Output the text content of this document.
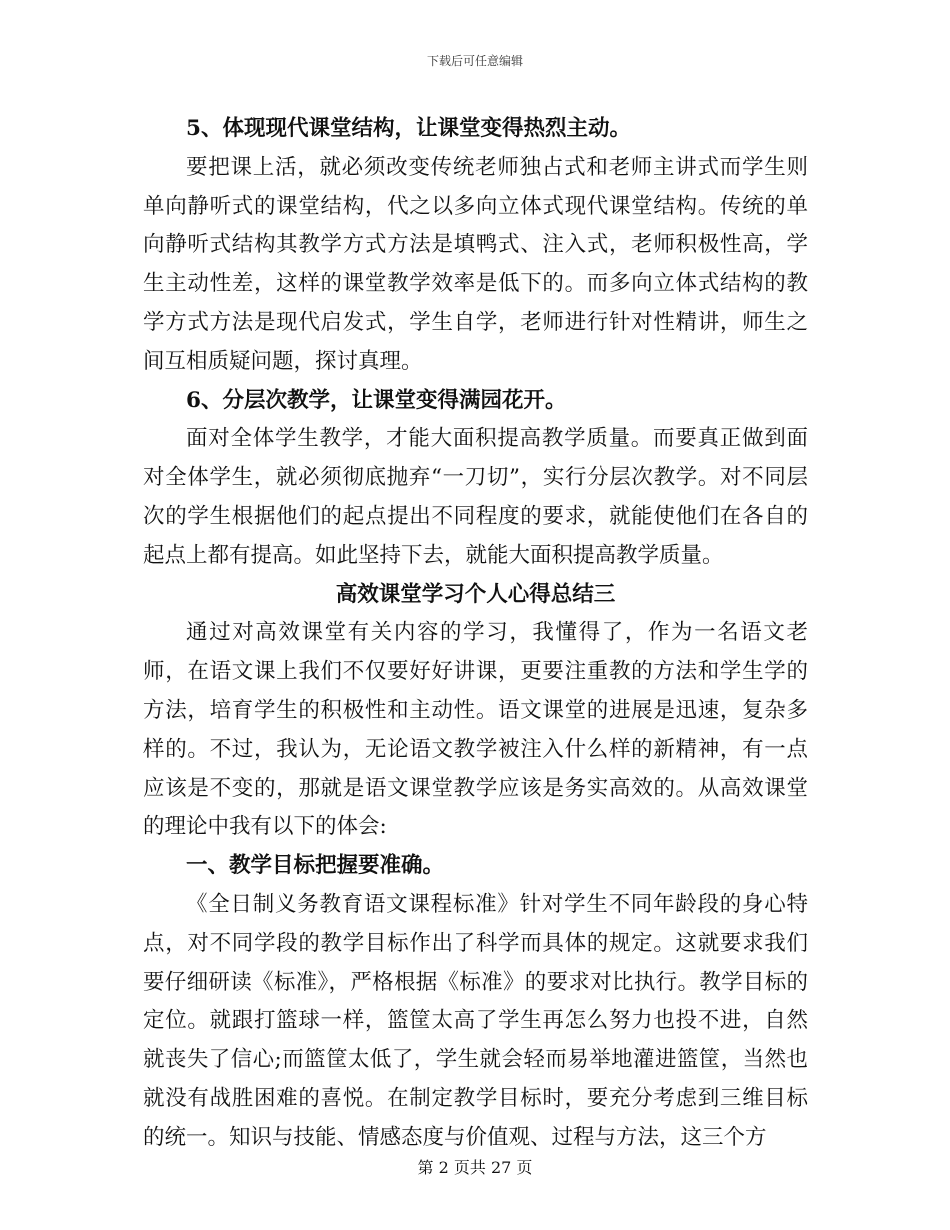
下载后可任意编辑

5、体现现代课堂结构，让课堂变得热烈主动。

要把课上活，就必须改变传统老师独占式和老师主讲式而学生则单向静听式的课堂结构，代之以多向立体式现代课堂结构。传统的单向静听式结构其教学方式方法是填鸭式、注入式，老师积极性高，学生主动性差，这样的课堂教学效率是低下的。而多向立体式结构的教学方式方法是现代启发式，学生自学，老师进行针对性精讲，师生之间互相质疑问题，探讨真理。

6、分层次教学，让课堂变得满园花开。

面对全体学生教学，才能大面积提高教学质量。而要真正做到面对全体学生，就必须彻底抛弃“一刀切”，实行分层次教学。对不同层次的学生根据他们的起点提出不同程度的要求，就能使他们在各自的起点上都有提高。如此坚持下去，就能大面积提高教学质量。

高效课堂学习个人心得总结三

通过对高效课堂有关内容的学习，我懂得了，作为一名语文老师，在语文课上我们不仅要好好讲课，更要注重教的方法和学生学的方法，培育学生的积极性和主动性。语文课堂的进展是迅速，复杂多样的。不过，我认为，无论语文教学被注入什么样的新精神，有一点应该是不变的，那就是语文课堂教学应该是务实高效的。从高效课堂的理论中我有以下的体会:

一、教学目标把握要准确。

《全日制义务教育语文课程标准》针对学生不同年龄段的身心特点，对不同学段的教学目标作出了科学而具体的规定。这就要求我们要仔细研读《标准》，严格根据《标准》的要求对比执行。教学目标的定位。就跟打篮球一样，篮筐太高了学生再怎么努力也投不进，自然就丧失了信心;而篮筐太低了，学生就会轻而易举地灌进篮筐，当然也就没有战胜困难的喜悦。在制定教学目标时，要充分考虑到三维目标的统一。知识与技能、情感态度与价值观、过程与方法，这三个方

第 2 页共 27 页
